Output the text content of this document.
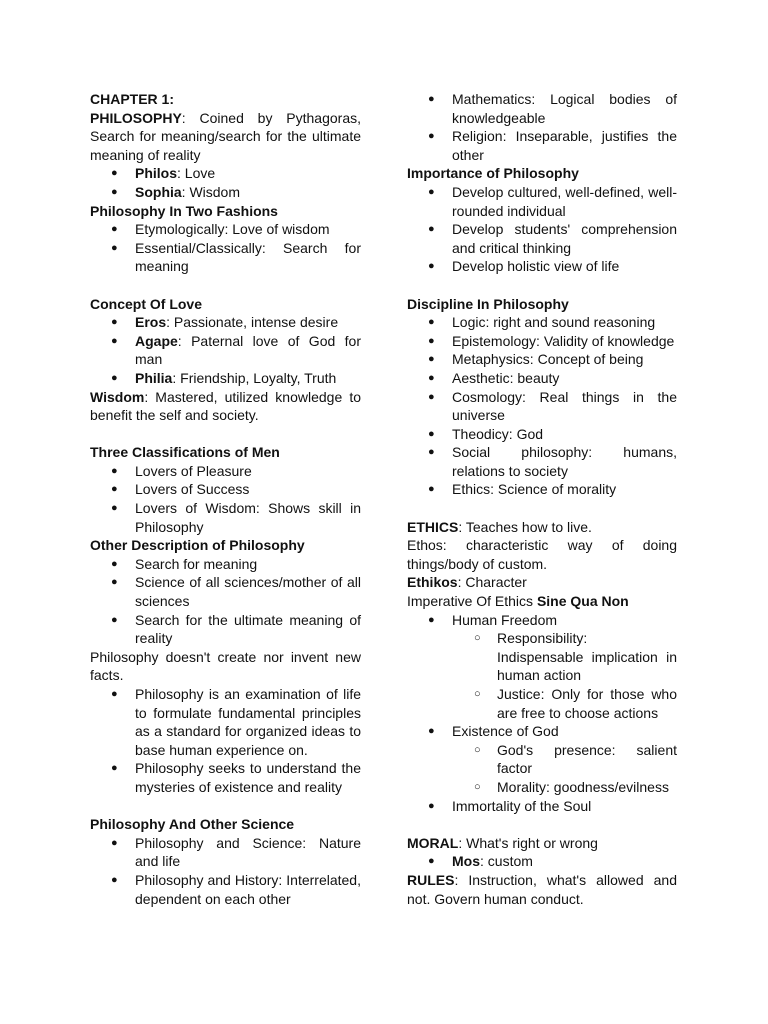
CHAPTER 1:

PHILOSOPHY: Coined by Pythagoras, Search for meaning/search for the ultimate meaning of reality

● Philos: Love
● Sophia: Wisdom

Philosophy In Two Fashions

● Etymologically: Love of wisdom
● Essential/Classically: Search for meaning

Concept Of Love

● Eros: Passionate, intense desire
● Agape: Paternal love of God for man
● Philia: Friendship, Loyalty, Truth

Wisdom: Mastered, utilized knowledge to benefit the self and society.

Three Classifications of Men

● Lovers of Pleasure
● Lovers of Success
● Lovers of Wisdom: Shows skill in Philosophy

Other Description of Philosophy

● Search for meaning
● Science of all sciences/mother of all sciences
● Search for the ultimate meaning of reality

Philosophy doesn't create nor invent new facts.

● Philosophy is an examination of life to formulate fundamental principles as a standard for organized ideas to base human experience on.
● Philosophy seeks to understand the mysteries of existence and reality

Philosophy And Other Science

● Philosophy and Science: Nature and life
● Philosophy and History: Interrelated, dependent on each other
● Mathematics: Logical bodies of knowledgeable
● Religion: Inseparable, justifies the other

Importance of Philosophy

● Develop cultured, well-defined, well-rounded individual
● Develop students' comprehension and critical thinking
● Develop holistic view of life

Discipline In Philosophy

● Logic: right and sound reasoning
● Epistemology: Validity of knowledge
● Metaphysics: Concept of being
● Aesthetic: beauty
● Cosmology: Real things in the universe
● Theodicy: God
● Social philosophy: humans, relations to society
● Ethics: Science of morality

ETHICS: Teaches how to live.

Ethos: characteristic way of doing things/body of custom.

Ethikos: Character

Imperative Of Ethics Sine Qua Non

● Human Freedom
○ Responsibility: Indispensable implication in human action
○ Justice: Only for those who are free to choose actions
● Existence of God
○ God's presence: salient factor
○ Morality: goodness/evilness
● Immortality of the Soul

MORAL: What's right or wrong

● Mos: custom

RULES: Instruction, what's allowed and not. Govern human conduct.
